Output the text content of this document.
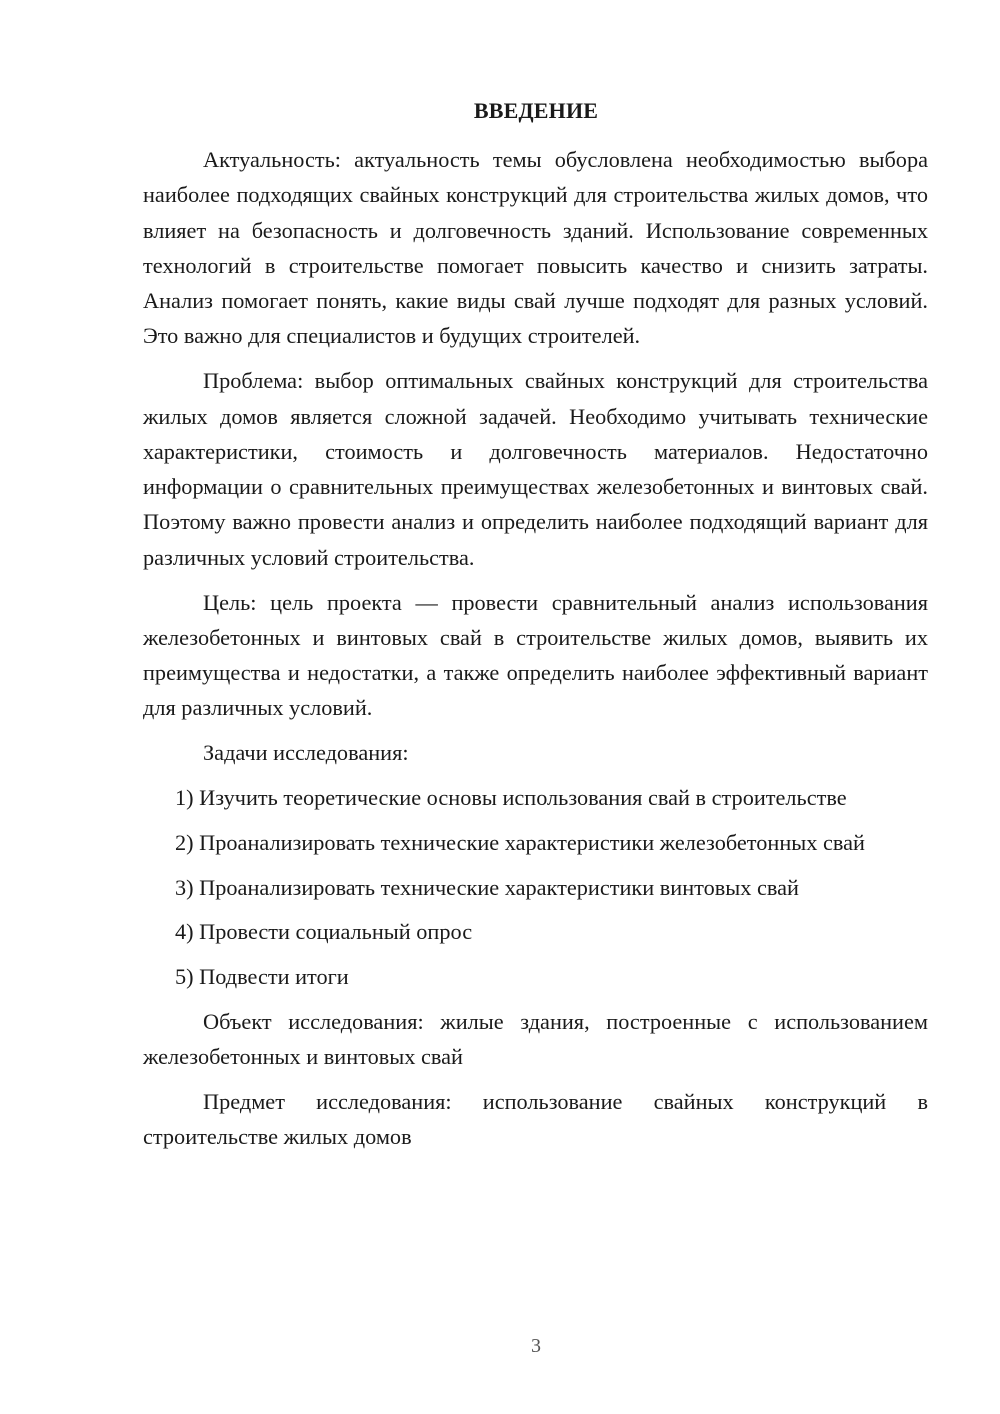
ВВЕДЕНИЕ

Актуальность: актуальность темы обусловлена необходимостью выбора наиболее подходящих свайных конструкций для строительства жилых домов, что влияет на безопасность и долговечность зданий. Использование современных технологий в строительстве помогает повысить качество и снизить затраты. Анализ помогает понять, какие виды свай лучше подходят для разных условий. Это важно для специалистов и будущих строителей.

Проблема: выбор оптимальных свайных конструкций для строительства жилых домов является сложной задачей. Необходимо учитывать технические характеристики, стоимость и долговечность материалов. Недостаточно информации о сравнительных преимуществах железобетонных и винтовых свай. Поэтому важно провести анализ и определить наиболее подходящий вариант для различных условий строительства.

Цель: цель проекта — провести сравнительный анализ использования железобетонных и винтовых свай в строительстве жилых домов, выявить их преимущества и недостатки, а также определить наиболее эффективный вариант для различных условий.

Задачи исследования:

1) Изучить теоретические основы использования свай в строительстве

2) Проанализировать технические характеристики железобетонных свай

3) Проанализировать технические характеристики винтовых свай

4) Провести социальный опрос

5) Подвести итоги

Объект исследования: жилые здания, построенные с использованием железобетонных и винтовых свай

Предмет исследования: использование свайных конструкций в строительстве жилых домов

3
